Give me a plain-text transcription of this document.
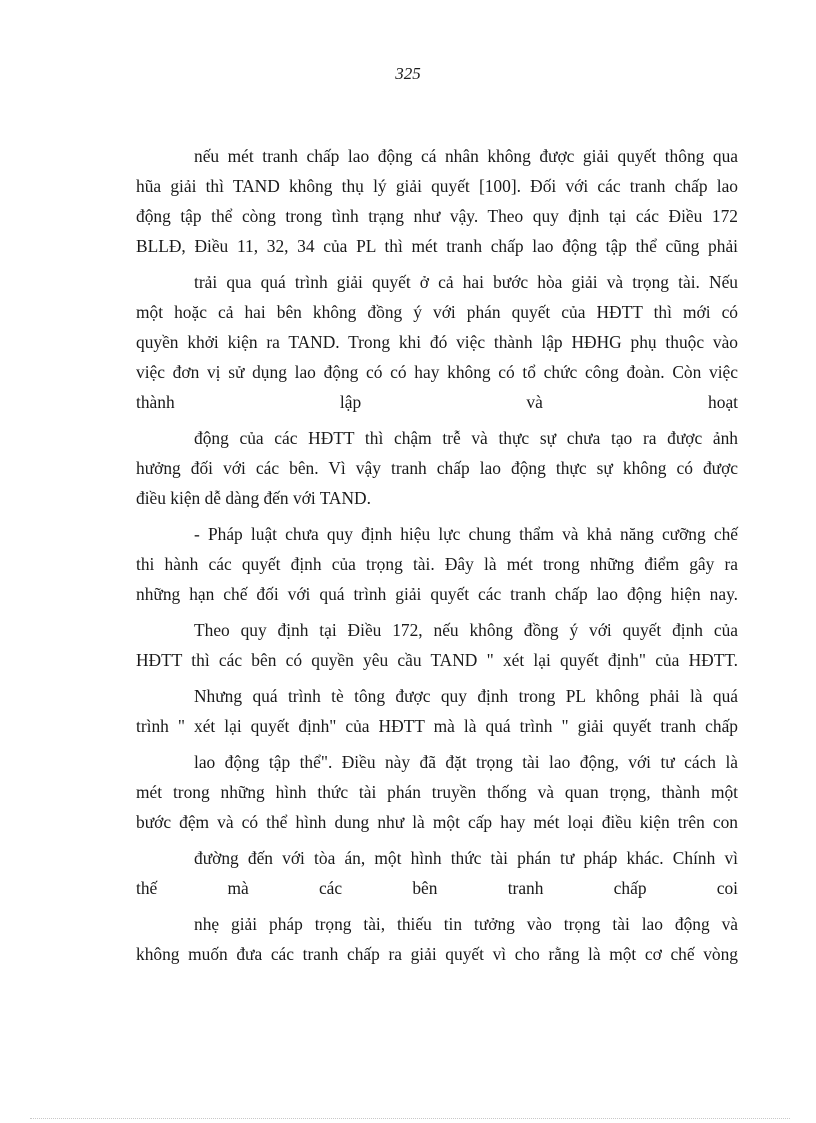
325

nếu mét tranh chấp lao động cá nhân không được giải quyết thông qua
hũa giải thì TAND không thụ lý giải quyết [100]. Đối với các tranh chấp lao
động tập thể còng trong tình trạng như vậy. Theo quy định tại các Điều 172
BLLĐ, Điều 11, 32, 34 của PL thì mét tranh chấp lao động tập thể cũng phải

trải qua quá trình giải quyết ở cả hai bước hòa giải và trọng tài. Nếu
một hoặc cả hai bên không đồng ý với phán quyết của HĐTT thì mới có
quyền khởi kiện ra TAND. Trong khi đó việc thành lập HĐHG phụ thuộc vào
việc đơn vị sử dụng lao động có có hay không có tổ chức công đoàn. Còn việc
thành lập và hoạt

động của các HĐTT thì chậm trễ và thực sự chưa tạo ra được ảnh
hưởng đối với các bên. Vì vậy tranh chấp lao động thực sự không có được
điều kiện dễ dàng đến với TAND.

- Pháp luật chưa quy định hiệu lực chung thẩm và khả năng cưỡng chế
thi hành các quyết định của trọng tài. Đây là mét trong những điểm gây ra
những hạn chế đối với quá trình giải quyết các tranh chấp lao động hiện nay.

Theo quy định tại Điều 172, nếu không đồng ý với quyết định của
HĐTT thì các bên có quyền yêu cầu TAND " xét lại quyết định" của HĐTT.

Nhưng quá trình tè tông được quy định trong PL không phải là quá
trình " xét lại quyết định" của HĐTT mà là quá trình " giải quyết tranh chấp

lao động tập thể". Điều này đã đặt trọng tài lao động, với tư cách là
mét trong những hình thức tài phán truyền thống và quan trọng, thành một
bước đệm và có thể hình dung như là một cấp hay mét loại điều kiện trên con

đường đến với tòa án, một hình thức tài phán tư pháp khác. Chính vì
thế mà các bên tranh chấp coi

nhẹ giải pháp trọng tài, thiếu tin tưởng vào trọng tài lao động và
không muốn đưa các tranh chấp ra giải quyết vì cho rằng là một cơ chế vòng
